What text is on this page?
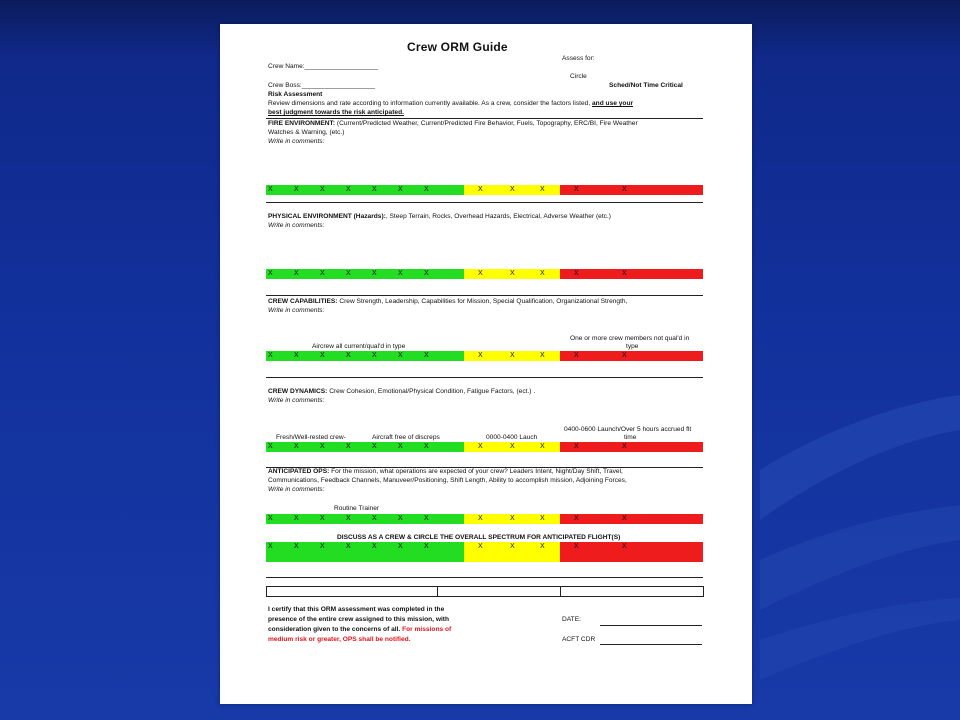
Crew ORM Guide
Assess for:
Crew Name:____________________
Circle
Crew Boss:____________________	Sched/Not Time Critical
Risk Assessment
Review dimensions and rate according to information currently available. As a crew, consider the factors listed, and use your
best judgment towards the risk anticipated.
FIRE ENVIRONMENT: (Current/Predicted Weather, Current/Predicted Fire Behavior, Fuels, Topography, ERC/BI, Fire Weather
Watches & Warning, (etc.)
Write in comments:
X	X	X	X	X	X	X	X	X	X	X	X
PHYSICAL ENVIRONMENT (Hazards):, Steep Terrain, Rocks, Overhead Hazards, Electrical, Adverse Weather (etc.)
Write in comments:
X	X	X	X	X	X	X	X	X	X	X	X
CREW CAPABILITIES: Crew Strength, Leadership, Capabilities for Mission, Special Qualification, Organizational Strength,
Write in comments:
One or more crew members not qual'd in
Aircrew all current/qual'd in type	type
X	X	X	X	X	X	X	X	X	X	X	X
CREW DYNAMICS: Crew Cohesion, Emotional/Physical Condition, Fatigue Factors, (ect.) .
Write in comments:
0400-0600 Launch/Over 5 hours accrued flt
Fresh/Well-rested crew-	Aircraft free of discreps	0000-0400 Lauch	time
X	X	X	X	X	X	X	X	X	X	X	X
ANTICIPATED OPS: For the mission, what operations are expected of your crew? Leaders Intent, Night/Day Shift, Travel,
Communications, Feedback Channels, Manuveer/Positioning, Shift Length, Ability to accomplish mission, Adjoining Forces,
Write in comments:
Routine Trainer
X	X	X	X	X	X	X	X	X	X	X	X
DISCUSS AS A CREW & CIRCLE THE OVERALL SPECTRUM FOR ANTICIPATED FLIGHT(S)
X	X	X	X	X	X	X	X	X	X	X	X
I certify that this ORM assessment was completed in the
presence of the entire crew assigned to this mission, with
consideration given to the concerns of all. For missions of
medium risk or greater, OPS shall be notified.
DATE:
ACFT CDR
